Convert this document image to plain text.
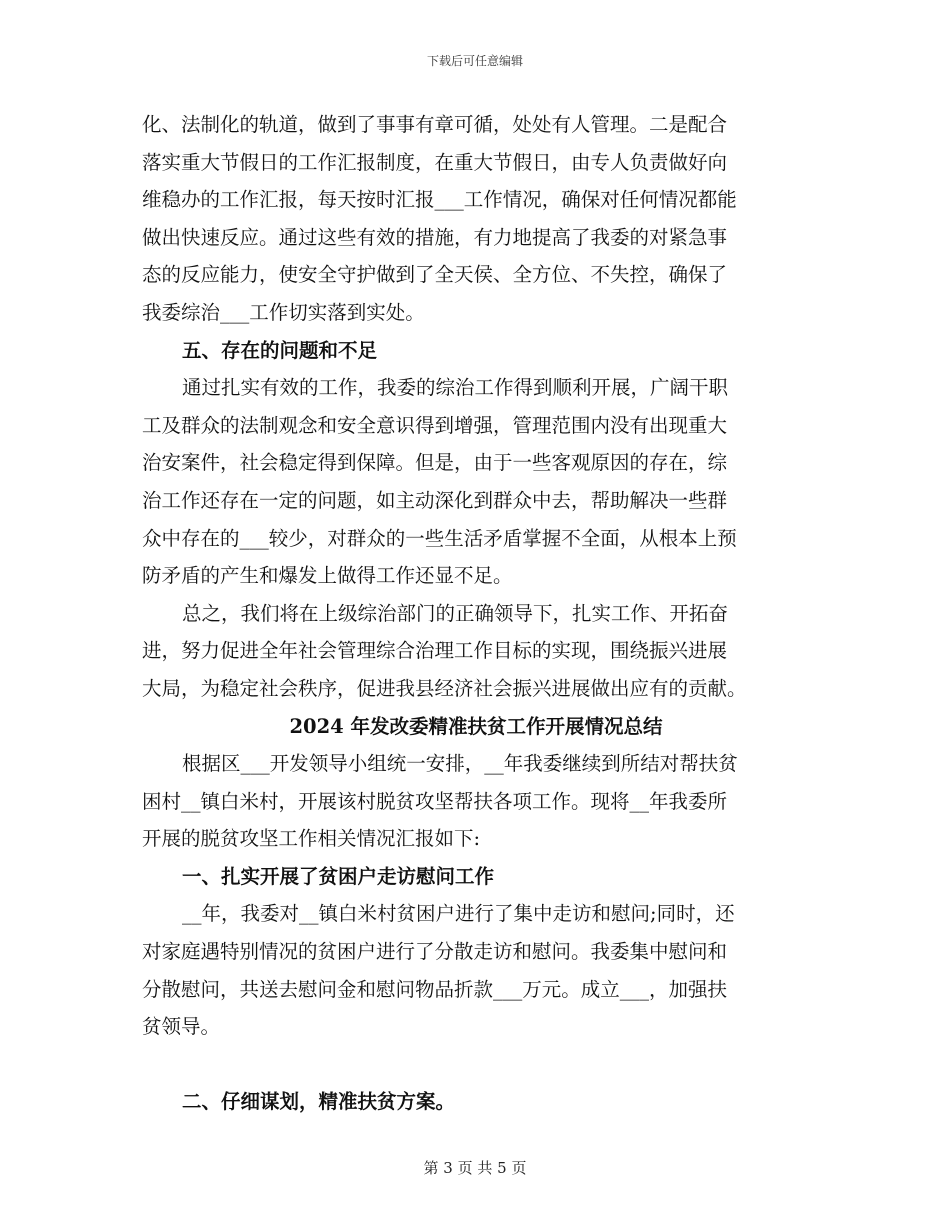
下载后可任意编辑
化、法制化的轨道，做到了事事有章可循，处处有人管理。二是配合
落实重大节假日的工作汇报制度，在重大节假日，由专人负责做好向
维稳办的工作汇报，每天按时汇报___工作情况，确保对任何情况都能
做出快速反应。通过这些有效的措施，有力地提高了我委的对紧急事
态的反应能力，使安全守护做到了全天侯、全方位、不失控，确保了
我委综治___工作切实落到实处。
五、存在的问题和不足
通过扎实有效的工作，我委的综治工作得到顺利开展，广阔干职
工及群众的法制观念和安全意识得到增强，管理范围内没有出现重大
治安案件，社会稳定得到保障。但是，由于一些客观原因的存在，综
治工作还存在一定的问题，如主动深化到群众中去，帮助解决一些群
众中存在的___较少，对群众的一些生活矛盾掌握不全面，从根本上预
防矛盾的产生和爆发上做得工作还显不足。
总之，我们将在上级综治部门的正确领导下，扎实工作、开拓奋
进，努力促进全年社会管理综合治理工作目标的实现，围绕振兴进展
大局，为稳定社会秩序，促进我县经济社会振兴进展做出应有的贡献。
2024 年发改委精准扶贫工作开展情况总结
根据区___开发领导小组统一安排，__年我委继续到所结对帮扶贫
困村__镇白米村，开展该村脱贫攻坚帮扶各项工作。现将__年我委所
开展的脱贫攻坚工作相关情况汇报如下:
一、扎实开展了贫困户走访慰问工作
__年，我委对__镇白米村贫困户进行了集中走访和慰问;同时，还
对家庭遇特别情况的贫困户进行了分散走访和慰问。我委集中慰问和
分散慰问，共送去慰问金和慰问物品折款___万元。成立___，加强扶
贫领导。
二、仔细谋划，精准扶贫方案。
第 3 页 共 5 页
